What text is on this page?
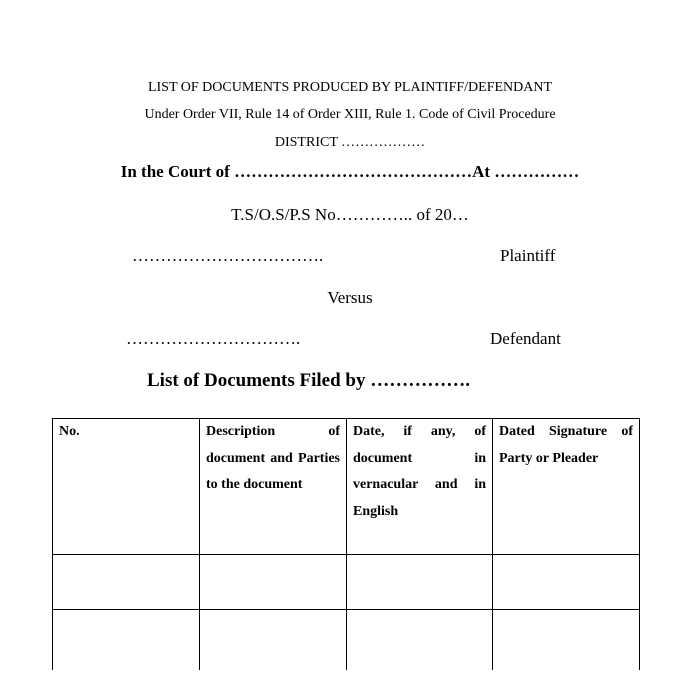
LIST OF DOCUMENTS PRODUCED BY PLAINTIFF/DEFENDANT
Under Order VII, Rule 14 of Order XIII, Rule 1. Code of Civil Procedure
DISTRICT ………………
In the Court of ……………………………………At ……………
T.S/O.S/P.S No………….. of 20…
…………………………….	Plaintiff
Versus
………………………….	Defendant
List of Documents Filed by …………….
No.	Description of document and Parties to the document	Date, if any, of document in vernacular and in English	Dated Signature of Party or Pleader
